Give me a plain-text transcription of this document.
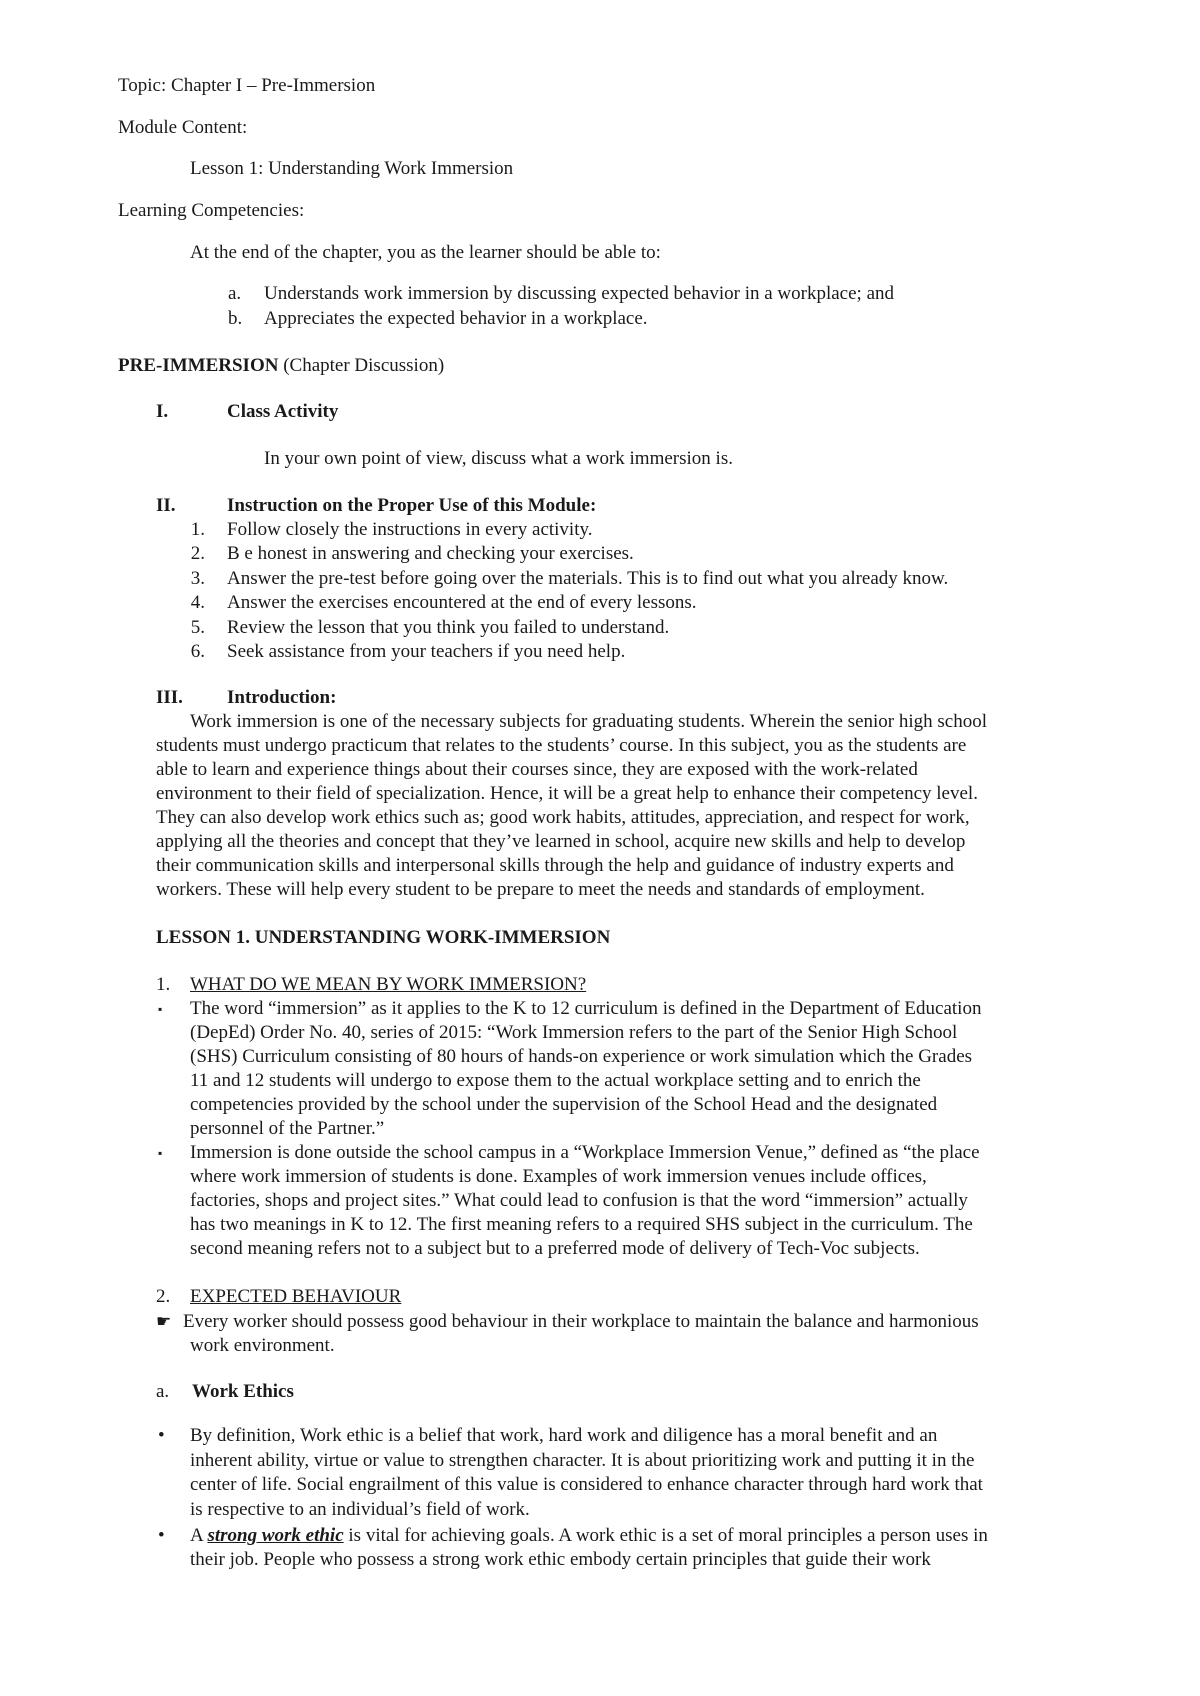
Topic: Chapter I – Pre-Immersion
Module Content:
Lesson 1: Understanding Work Immersion
Learning Competencies:
At the end of the chapter, you as the learner should be able to:
a. Understands work immersion by discussing expected behavior in a workplace; and
b. Appreciates the expected behavior in a workplace.
PRE-IMMERSION (Chapter Discussion)
I.	Class Activity
In your own point of view, discuss what a work immersion is.
II.	Instruction on the Proper Use of this Module:
1. Follow closely the instructions in every activity.
2. B e honest in answering and checking your exercises.
3. Answer the pre-test before going over the materials. This is to find out what you already know.
4. Answer the exercises encountered at the end of every lessons.
5. Review the lesson that you think you failed to understand.
6. Seek assistance from your teachers if you need help.
III. Introduction:
Work immersion is one of the necessary subjects for graduating students. Wherein the senior high school
students must undergo practicum that relates to the students’ course. In this subject, you as the students are
able to learn and experience things about their courses since, they are exposed with the work-related
environment to their field of specialization. Hence, it will be a great help to enhance their competency level.
They can also develop work ethics such as; good work habits, attitudes, appreciation, and respect for work,
applying all the theories and concept that they’ve learned in school, acquire new skills and help to develop
their communication skills and interpersonal skills through the help and guidance of industry experts and
workers. These will help every student to be prepare to meet the needs and standards of employment.
LESSON 1. UNDERSTANDING WORK-IMMERSION
1. WHAT DO WE MEAN BY WORK IMMERSION?
▪ The word “immersion” as it applies to the K to 12 curriculum is defined in the Department of Education
(DepEd) Order No. 40, series of 2015: “Work Immersion refers to the part of the Senior High School
(SHS) Curriculum consisting of 80 hours of hands-on experience or work simulation which the Grades
11 and 12 students will undergo to expose them to the actual workplace setting and to enrich the
competencies provided by the school under the supervision of the School Head and the designated
personnel of the Partner.”
▪ Immersion is done outside the school campus in a “Workplace Immersion Venue,” defined as “the place
where work immersion of students is done. Examples of work immersion venues include offices,
factories, shops and project sites.” What could lead to confusion is that the word “immersion” actually
has two meanings in K to 12. The first meaning refers to a required SHS subject in the curriculum. The
second meaning refers not to a subject but to a preferred mode of delivery of Tech-Voc subjects.
2. EXPECTED BEHAVIOUR
☛ Every worker should possess good behaviour in their workplace to maintain the balance and harmonious
work environment.
a. Work Ethics
• By definition, Work ethic is a belief that work, hard work and diligence has a moral benefit and an
inherent ability, virtue or value to strengthen character. It is about prioritizing work and putting it in the
center of life. Social engrailment of this value is considered to enhance character through hard work that
is respective to an individual’s field of work.
• A strong work ethic is vital for achieving goals. A work ethic is a set of moral principles a person uses in
their job. People who possess a strong work ethic embody certain principles that guide their work
